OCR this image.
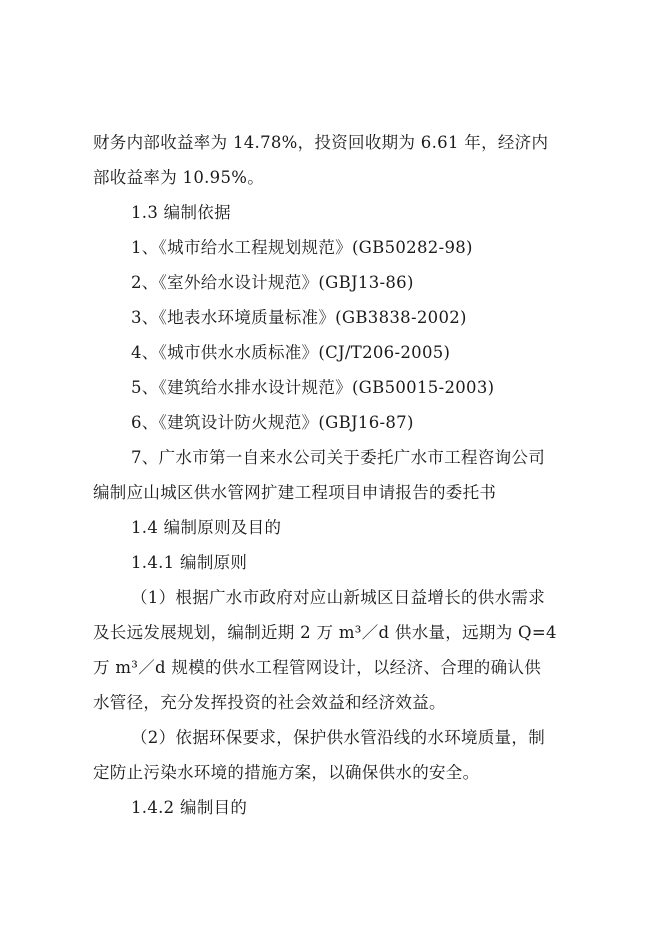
财务内部收益率为 14.78%，投资回收期为 6.61 年，经济内
部收益率为 10.95%。
1.3 编制依据
1、《城市给水工程规划规范》(GB50282-98)
2、《室外给水设计规范》(GBJ13-86)
3、《地表水环境质量标准》(GB3838-2002)
4、《城市供水水质标准》(CJ/T206-2005)
5、《建筑给水排水设计规范》(GB50015-2003)
6、《建筑设计防火规范》(GBJ16-87)
7、广水市第一自来水公司关于委托广水市工程咨询公司
编制应山城区供水管网扩建工程项目申请报告的委托书
1.4 编制原则及目的
1.4.1 编制原则
（1）根据广水市政府对应山新城区日益增长的供水需求
及长远发展规划，编制近期 2 万 m³／d 供水量，远期为 Q=4
万 m³／d 规模的供水工程管网设计，以经济、合理的确认供
水管径，充分发挥投资的社会效益和经济效益。
（2）依据环保要求，保护供水管沿线的水环境质量，制
定防止污染水环境的措施方案，以确保供水的安全。
1.4.2 编制目的
